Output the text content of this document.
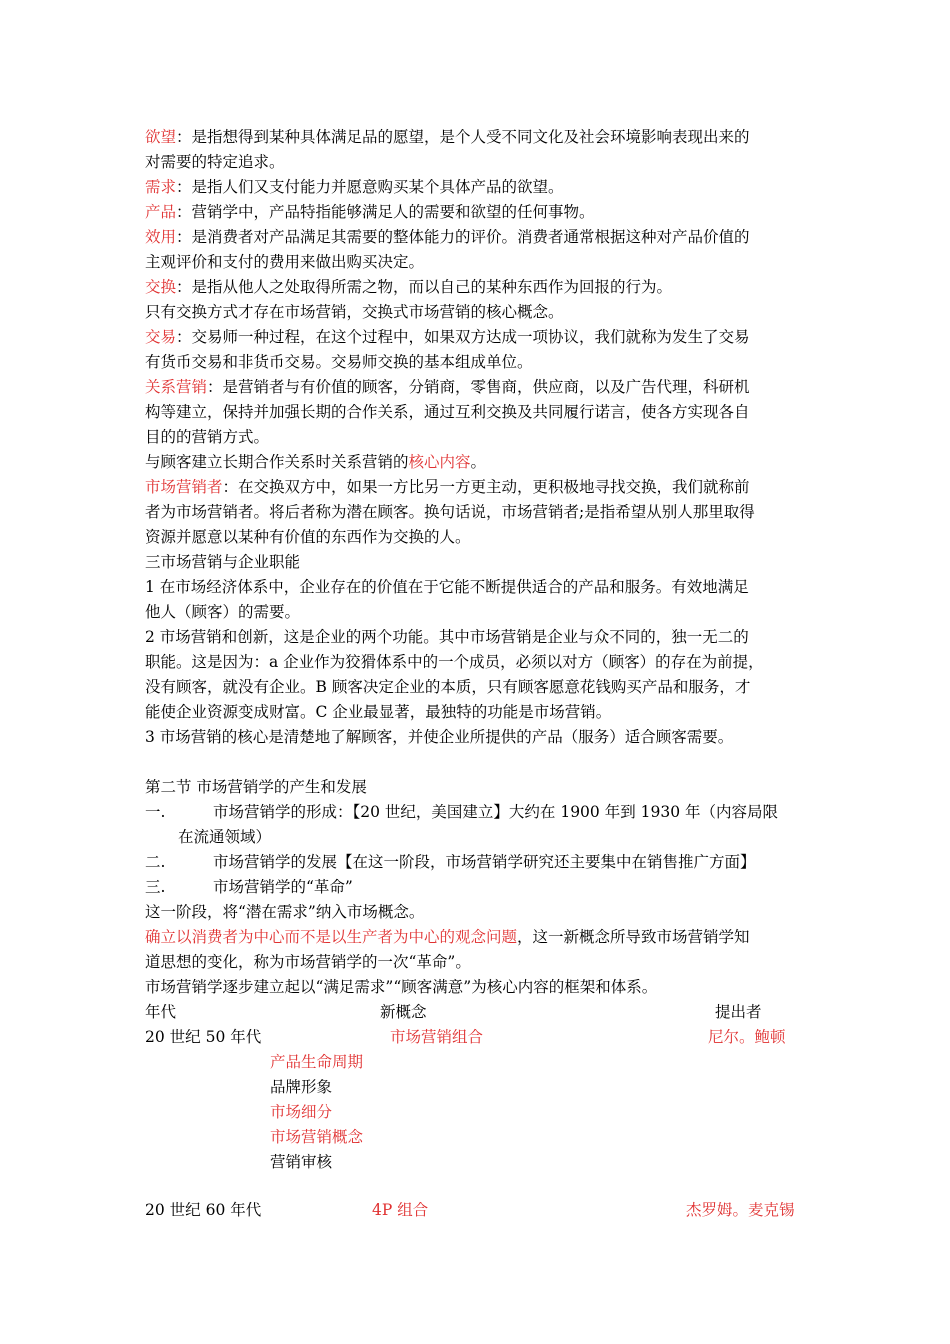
欲望：是指想得到某种具体满足品的愿望，是个人受不同文化及社会环境影响表现出来的
对需要的特定追求。
需求：是指人们又支付能力并愿意购买某个具体产品的欲望。
产品：营销学中，产品特指能够满足人的需要和欲望的任何事物。
效用：是消费者对产品满足其需要的整体能力的评价。消费者通常根据这种对产品价值的
主观评价和支付的费用来做出购买决定。
交换：是指从他人之处取得所需之物，而以自己的某种东西作为回报的行为。
只有交换方式才存在市场营销，交换式市场营销的核心概念。
交易：交易师一种过程，在这个过程中，如果双方达成一项协议，我们就称为发生了交易
有货币交易和非货币交易。交易师交换的基本组成单位。
关系营销：是营销者与有价值的顾客，分销商，零售商，供应商，以及广告代理，科研机
构等建立，保持并加强长期的合作关系，通过互利交换及共同履行诺言，使各方实现各自
目的的营销方式。
与顾客建立长期合作关系时关系营销的核心内容。
市场营销者：在交换双方中，如果一方比另一方更主动，更积极地寻找交换，我们就称前
者为市场营销者。将后者称为潜在顾客。换句话说，市场营销者;是指希望从别人那里取得
资源并愿意以某种有价值的东西作为交换的人。
三市场营销与企业职能
1 在市场经济体系中，企业存在的价值在于它能不断提供适合的产品和服务。有效地满足
他人（顾客）的需要。
2 市场营销和创新，这是企业的两个功能。其中市场营销是企业与众不同的，独一无二的
职能。这是因为：a 企业作为狡猾体系中的一个成员，必须以对方（顾客）的存在为前提，
没有顾客，就没有企业。B 顾客决定企业的本质，只有顾客愿意花钱购买产品和服务，才
能使企业资源变成财富。C 企业最显著，最独特的功能是市场营销。
3 市场营销的核心是清楚地了解顾客，并使企业所提供的产品（服务）适合顾客需要。
第二节 市场营销学的产生和发展
一.	市场营销学的形成：【20 世纪，美国建立】大约在 1900 年到 1930 年（内容局限
在流通领域）
二.	市场营销学的发展【在这一阶段，市场营销学研究还主要集中在销售推广方面】
三.	市场营销学的“革命”
这一阶段，将“潜在需求”纳入市场概念。
确立以消费者为中心而不是以生产者为中心的观念问题，这一新概念所导致市场营销学知
道思想的变化，称为市场营销学的一次“革命”。
市场营销学逐步建立起以“满足需求”“顾客满意”为核心内容的框架和体系。
年代	新概念	提出者
20 世纪 50 年代	市场营销组合	尼尔。鲍顿
产品生命周期
品牌形象
市场细分
市场营销概念
营销审核
20 世纪 60 年代	4P 组合	杰罗姆。麦克锡
